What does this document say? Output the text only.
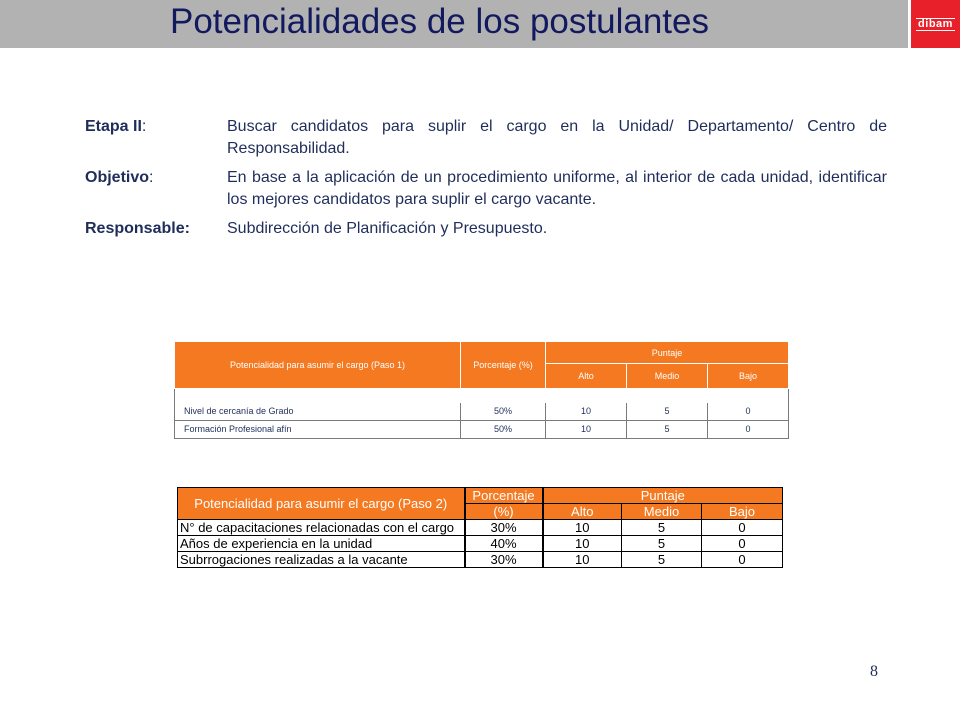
Potencialidades de los postulantes	dibam
Etapa II:	Buscar candidatos para suplir el cargo en la Unidad/ Departamento/ Centro de Responsabilidad.
Objetivo:	En base a la aplicación de un procedimiento uniforme, al interior de cada unidad, identificar los mejores candidatos para suplir el cargo vacante.
Responsable:	Subdirección de Planificación y Presupuesto.
Potencialidad para asumir el cargo (Paso 1)	Porcentaje (%)	Puntaje		
		Alto	Medio	Bajo

Nivel de cercanía de Grado	50%	10	5	0
Formación Profesional afín	50%	10	5	0
Potencialidad para asumir el cargo (Paso 2)	Porcentaje	Puntaje		
	(%)	Alto	Medio	Bajo
N° de capacitaciones relacionadas con el cargo	30%	10	5	0
Años de experiencia en la unidad	40%	10	5	0
Subrrogaciones realizadas a la vacante	30%	10	5	0
8
